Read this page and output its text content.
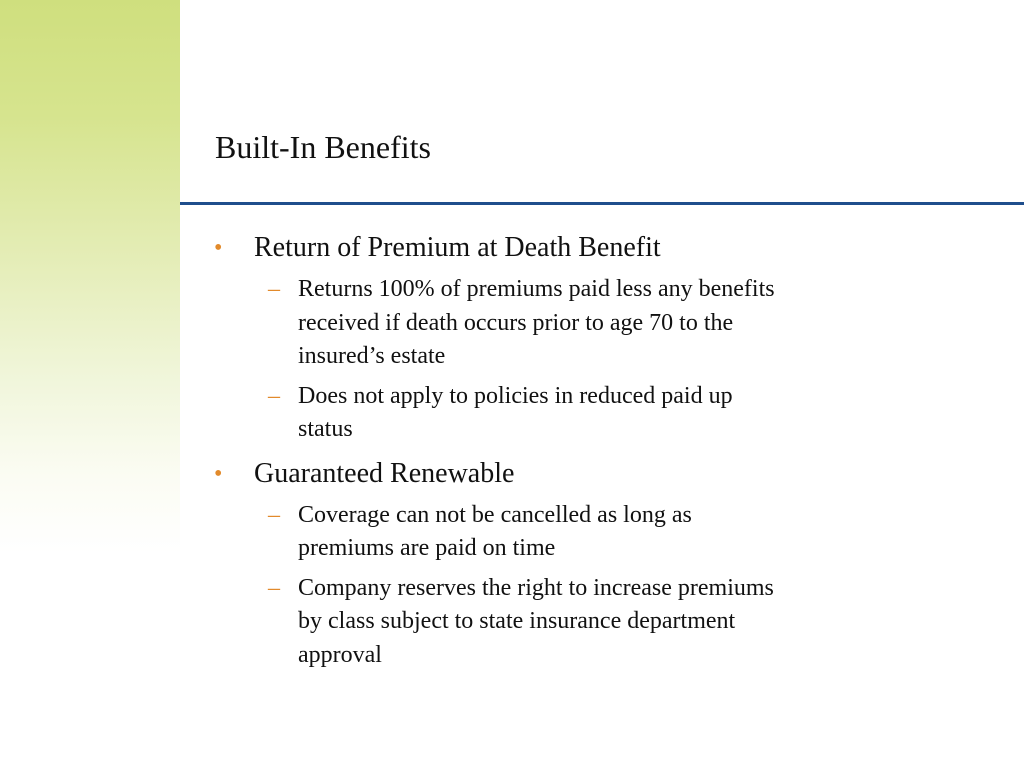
Built-In Benefits
• Return of Premium at Death Benefit
– Returns 100% of premiums paid less any benefits received if death occurs prior to age 70 to the insured’s estate
– Does not apply to policies in reduced paid up status
• Guaranteed Renewable
– Coverage can not be cancelled as long as premiums are paid on time
– Company reserves the right to increase premiums by class subject to state insurance department approval
